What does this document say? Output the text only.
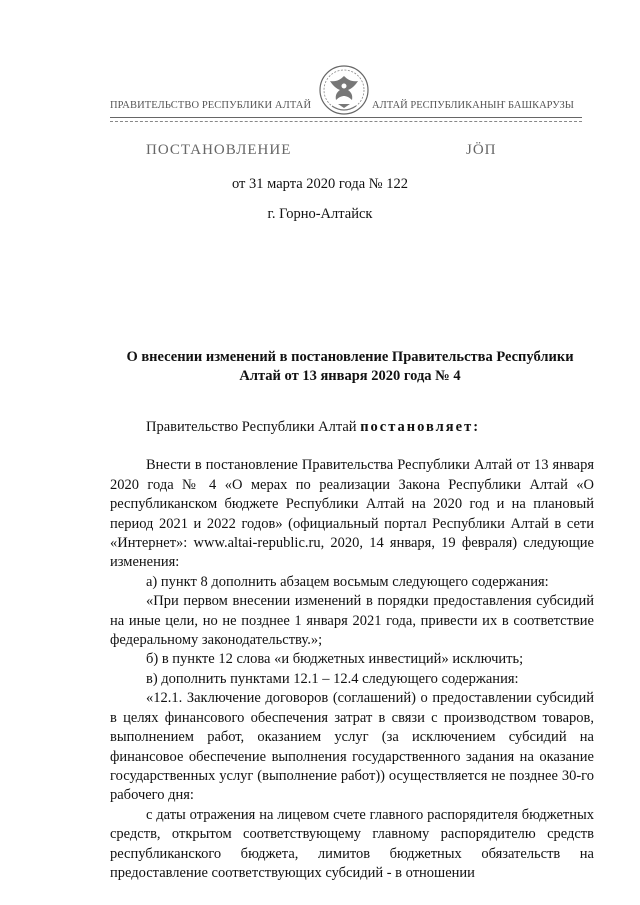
ПРАВИТЕЛЬСТВО РЕСПУБЛИКИ АЛТАЙ	АЛТАЙ РЕСПУБЛИКАНЫҤ БАШКАРУЗЫ
ПОСТАНОВЛЕНИЕ	ЈӦП
от 31 марта 2020 года № 122
г. Горно-Алтайск
О внесении изменений в постановление Правительства Республики Алтай от 13 января 2020 года № 4

Правительство Республики Алтай постановляет:

Внести в постановление Правительства Республики Алтай от 13 января 2020 года № 4 «О мерах по реализации Закона Республики Алтай «О республиканском бюджете Республики Алтай на 2020 год и на плановый период 2021 и 2022 годов» (официальный портал Республики Алтай в сети «Интернет»: www.altai-republic.ru, 2020, 14 января, 19 февраля) следующие изменения:

а) пункт 8 дополнить абзацем восьмым следующего содержания:

«При первом внесении изменений в порядки предоставления субсидий на иные цели, но не позднее 1 января 2021 года, привести их в соответствие федеральному законодательству.»;

б) в пункте 12 слова «и бюджетных инвестиций» исключить;

в) дополнить пунктами 12.1 – 12.4 следующего содержания:

«12.1. Заключение договоров (соглашений) о предоставлении субсидий в целях финансового обеспечения затрат в связи с производством товаров, выполнением работ, оказанием услуг (за исключением субсидий на финансовое обеспечение выполнения государственного задания на оказание государственных услуг (выполнение работ)) осуществляется не позднее 30-го рабочего дня:

с даты отражения на лицевом счете главного распорядителя бюджетных средств, открытом соответствующему главному распорядителю средств республиканского бюджета, лимитов бюджетных обязательств на предоставление соответствующих субсидий - в отношении
